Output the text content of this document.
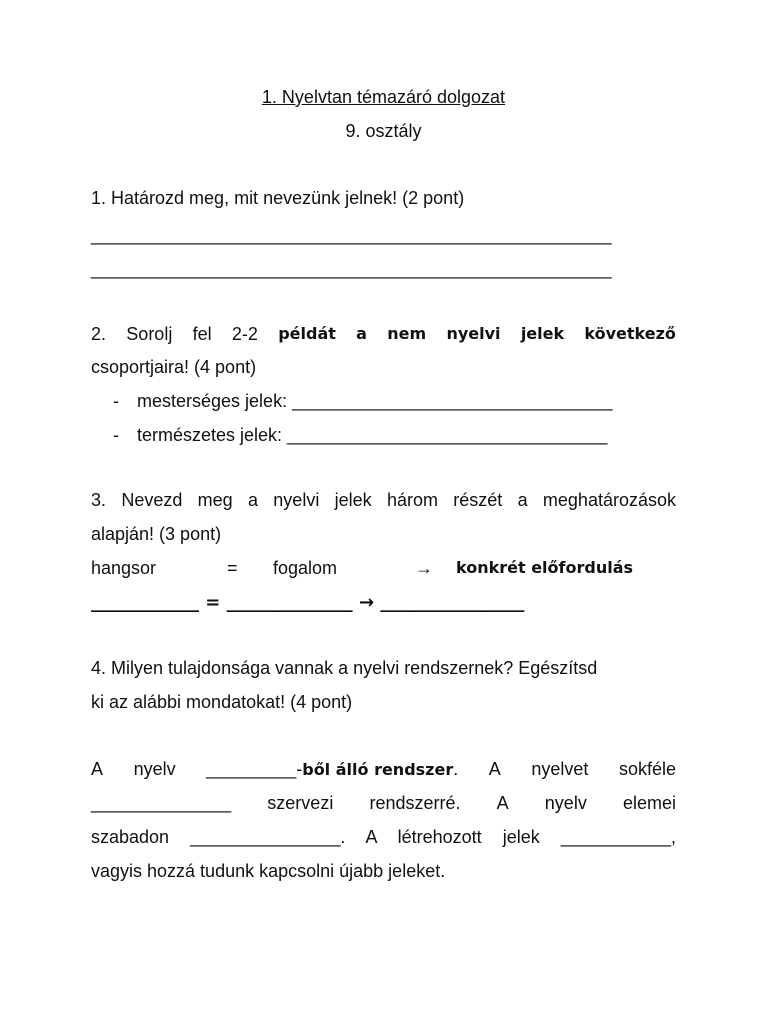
1. Nyelvtan témazáró dolgozat
9. osztály
1. Határozd meg, mit nevezünk jelnek! (2 pont)
____________________________________________________
____________________________________________________
2. Sorolj fel 2-2 példát a nem nyelvi jelek következő
csoportjaira! (4 pont)
- mesterséges jelek: ________________________________
- természetes jelek: ________________________________
3. Nevezd meg a nyelvi jelek három részét a meghatározások
alapján! (3 pont)
hangsor	= fogalom	→ konkrét előfordulás
____________ = ______________ → ________________
4. Milyen tulajdonsága vannak a nyelvi rendszernek? Egészítsd
ki az alábbi mondatokat! (4 pont)
A nyelv _________-ből álló rendszer. A nyelvet sokféle
______________ szervezi rendszerré. A nyelv elemei
szabadon _______________. A létrehozott jelek ___________,
vagyis hozzá tudunk kapcsolni újabb jeleket.
